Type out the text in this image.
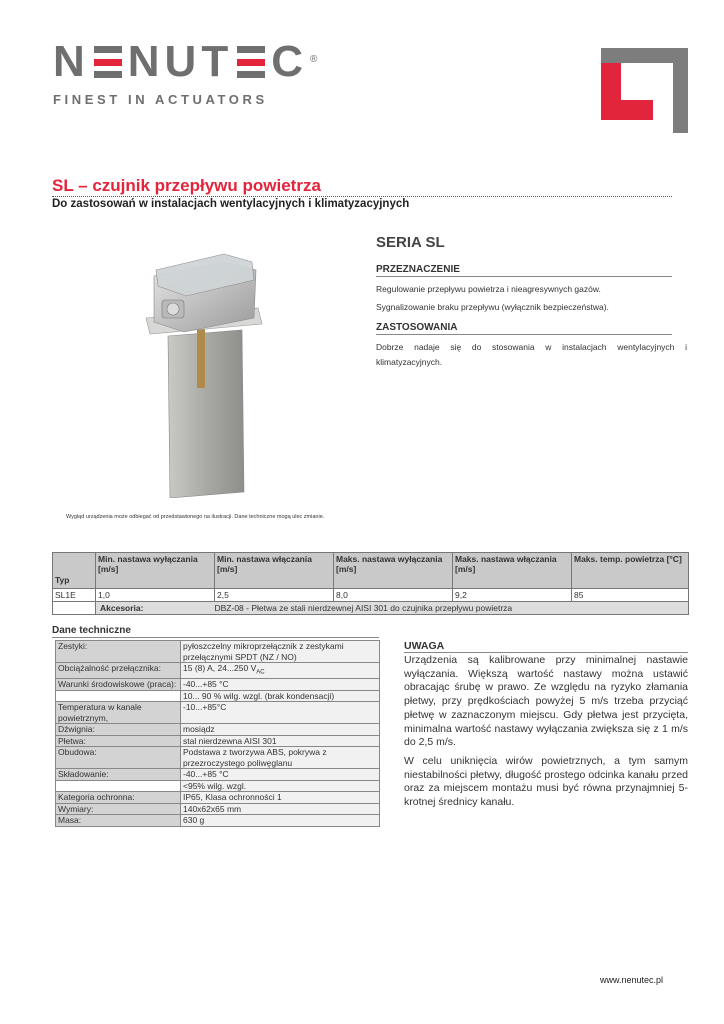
N NUT C ®
FINEST IN ACTUATORS
SL – czujnik przepływu powietrza
Do zastosowań w instalacjach wentylacyjnych i klimatyzacyjnych
Wygląd urządzenia może odbiegać od przedstawionego na ilustracji. Dane techniczne mogą ulec zmianie.
SERIA SL
PRZEZNACZENIE
Regulowanie przepływu powietrza i nieagresywnych gazów.
Sygnalizowanie braku przepływu (wyłącznik bezpieczeństwa).
ZASTOSOWANIA
Dobrze nadaje się do stosowania w instalacjach wentylacyjnych i klimatyzacyjnych.
Typ	Min. nastawa wyłączania [m/s]	Min. nastawa włączania [m/s]	Maks. nastawa wyłączania [m/s]	Maks. nastawa włączania [m/s]	Maks. temp. powietrza [°C]
SL1E	1,0	2,5	8,0	9,2	85
	Akcesoria:	DBZ-08 - Płetwa ze stali nierdzewnej AISI 301 do czujnika przepływu powietrza			
Dane techniczne
Zestyki:	pyłoszczelny mikroprzełącznik z zestykami przełącznymi SPDT (NZ / NO)
Obciążalność przełącznika:	15 (8) A, 24...250 $V_{AC}$
Warunki środowiskowe (praca):	-40...+85 °C
	10... 90 % wilg. wzgl. (brak kondensacji)
Temperatura w kanale powietrznym,	-10...+85°C
Dźwignia:	mosiądz
Płetwa:	stal nierdzewna AISI 301
Obudowa:	Podstawa z tworzywa ABS, pokrywa z przezroczystego poliwęglanu
Składowanie:	-40...+85 °C
	<95% wilg. wzgl.
Kategoria ochronna:	IP65, Klasa ochronności 1
Wymiary:	140x62x65 mm
Masa:	630 g
UWAGA
Urządzenia są kalibrowane przy minimalnej nastawie wyłączania. Większą wartość nastawy można ustawić obracając śrubę w prawo. Ze względu na ryzyko złamania płetwy, przy prędkościach powyżej 5 m/s trzeba przyciąć płetwę w zaznaczonym miejscu. Gdy płetwa jest przycięta, minimalna wartość nastawy wyłączania zwiększa się z 1 m/s do 2,5 m/s.
W celu uniknięcia wirów powietrznych, a tym samym niestabilności płetwy, długość prostego odcinka kanału przed oraz za miejscem montażu musi być równa przynajmniej 5-krotnej średnicy kanału.
www.nenutec.pl
